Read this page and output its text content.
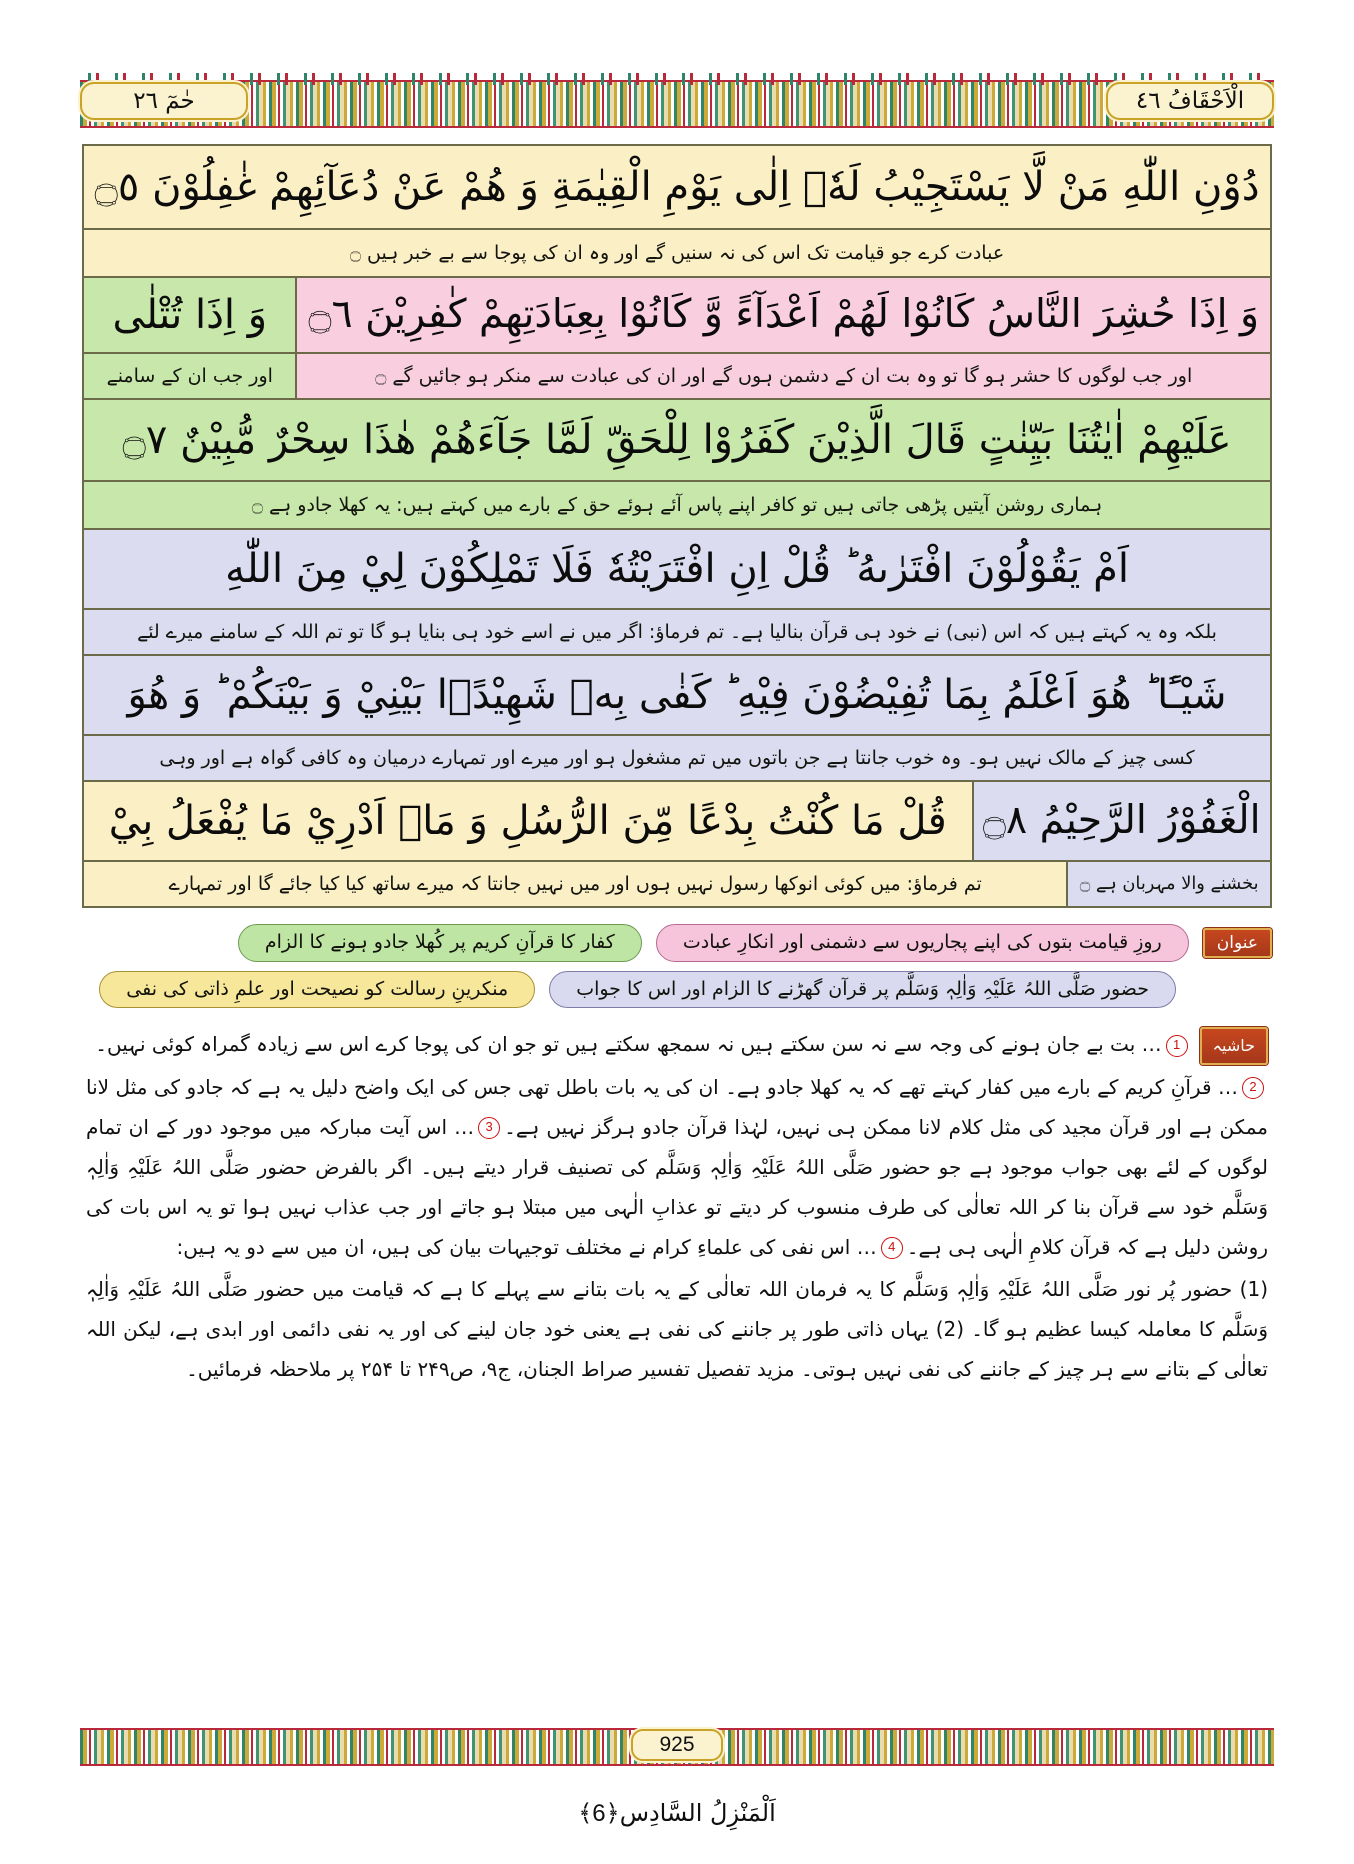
الْاَحْقَافُ ٤٦
حٰمٓ ٢٦
دُوْنِ اللّٰهِ مَنْ لَّا يَسْتَجِيْبُ لَهٗۤ اِلٰى يَوْمِ الْقِيٰمَةِ وَ هُمْ عَنْ دُعَآئِهِمْ غٰفِلُوْنَ ۝٥
عبادت کرے جو قیامت تک اس کی نہ سنیں گے اور وہ ان کی پوجا سے بے خبر ہیں ۝
وَ اِذَا حُشِرَ النَّاسُ كَانُوْا لَهُمْ اَعْدَآءً وَّ كَانُوْا بِعِبَادَتِهِمْ كٰفِرِيْنَ ۝٦
وَ اِذَا تُتْلٰى
اور جب لوگوں کا حشر ہو گا تو وہ بت ان کے دشمن ہوں گے اور ان کی عبادت سے منکر ہو جائیں گے ۝
اور جب ان کے سامنے
عَلَيْهِمْ اٰيٰتُنَا بَيِّنٰتٍ قَالَ الَّذِيْنَ كَفَرُوْا لِلْحَقِّ لَمَّا جَآءَهُمْ هٰذَا سِحْرٌ مُّبِيْنٌ ۝٧
ہماری روشن آیتیں پڑھی جاتی ہیں تو کافر اپنے پاس آئے ہوئے حق کے بارے میں کہتے ہیں: یہ کھلا جادو ہے ۝
اَمْ يَقُوْلُوْنَ افْتَرٰىهُ ؕ قُلْ اِنِ افْتَرَيْتُهٗ فَلَا تَمْلِكُوْنَ لِيْ مِنَ اللّٰهِ
بلکہ وہ یہ کہتے ہیں کہ اس (نبی) نے خود ہی قرآن بنالیا ہے۔ تم فرماؤ: اگر میں نے اسے خود ہی بنایا ہو گا تو تم اللہ کے سامنے میرے لئے
شَيْـًٔا ؕ هُوَ اَعْلَمُ بِمَا تُفِيْضُوْنَ فِيْهِ ؕ كَفٰى بِهٖ شَهِيْدًۢا بَيْنِيْ وَ بَيْنَكُمْ ؕ وَ هُوَ
کسی چیز کے مالک نہیں ہو۔ وہ خوب جانتا ہے جن باتوں میں تم مشغول ہو اور میرے اور تمہارے درمیان وہ کافی گواہ ہے اور وہی
الْغَفُوْرُ الرَّحِيْمُ ۝٨
قُلْ مَا كُنْتُ بِدْعًا مِّنَ الرُّسُلِ وَ مَاۤ اَدْرِيْ مَا يُفْعَلُ بِيْ
بخشنے والا مہربان ہے ۝
تم فرماؤ: میں کوئی انوکھا رسول نہیں ہوں اور میں نہیں جانتا کہ میرے ساتھ کیا کیا جائے گا اور تمہارے
عنوان
روزِ قیامت بتوں کی اپنے پجاریوں سے دشمنی اور انکارِ عبادت
کفار کا قرآنِ کریم پر کُھلا جادو ہونے کا الزام
حضور صَلَّی اللہُ عَلَیْہِ وَاٰلِہٖ وَسَلَّم پر قرآن گھڑنے کا الزام اور اس کا جواب
منکرینِ رسالت کو نصیحت اور علمِ ذاتی کی نفی

حاشیہ1… بت بے جان ہونے کی وجہ سے نہ سن سکتے ہیں نہ سمجھ سکتے ہیں تو جو ان کی پوجا کرے اس سے زیادہ گمراہ کوئی نہیں۔

2… قرآنِ کریم کے بارے میں کفار کہتے تھے کہ یہ کھلا جادو ہے۔ ان کی یہ بات باطل تھی جس کی ایک واضح دلیل یہ ہے کہ جادو کی مثل لانا ممکن ہے اور قرآن مجید کی مثل کلام لانا ممکن ہی نہیں، لہٰذا قرآن جادو ہرگز نہیں ہے۔3… اس آیت مبارکہ میں موجود دور کے ان تمام لوگوں کے لئے بھی جواب موجود ہے جو حضور صَلَّی اللہُ عَلَیْہِ وَاٰلِہٖ وَسَلَّم کی تصنیف قرار دیتے ہیں۔ اگر بالفرض حضور صَلَّی اللہُ عَلَیْہِ وَاٰلِہٖ وَسَلَّم خود سے قرآن بنا کر اللہ تعالٰی کی طرف منسوب کر دیتے تو عذابِ الٰہی میں مبتلا ہو جاتے اور جب عذاب نہیں ہوا تو یہ اس بات کی روشن دلیل ہے کہ قرآن کلامِ الٰہی ہی ہے۔4… اس نفی کی علماءِ کرام نے مختلف توجیہات بیان کی ہیں، ان میں سے دو یہ ہیں:

(1) حضور پُر نور صَلَّی اللہُ عَلَیْہِ وَاٰلِہٖ وَسَلَّم کا یہ فرمان اللہ تعالٰی کے یہ بات بتانے سے پہلے کا ہے کہ قیامت میں حضور صَلَّی اللہُ عَلَیْہِ وَاٰلِہٖ وَسَلَّم کا معاملہ کیسا عظیم ہو گا۔ (2) یہاں ذاتی طور پر جاننے کی نفی ہے یعنی خود جان لینے کی اور یہ نفی دائمی اور ابدی ہے، لیکن اللہ تعالٰی کے بتانے سے ہر چیز کے جاننے کی نفی نہیں ہوتی۔ مزید تفصیل تفسیر صراط الجنان، ج۹، ص۲۴۹ تا ۲۵۴ پر ملاحظہ فرمائیں۔

925
اَلْمَنْزِلُ السَّادِس﴿6﴾
